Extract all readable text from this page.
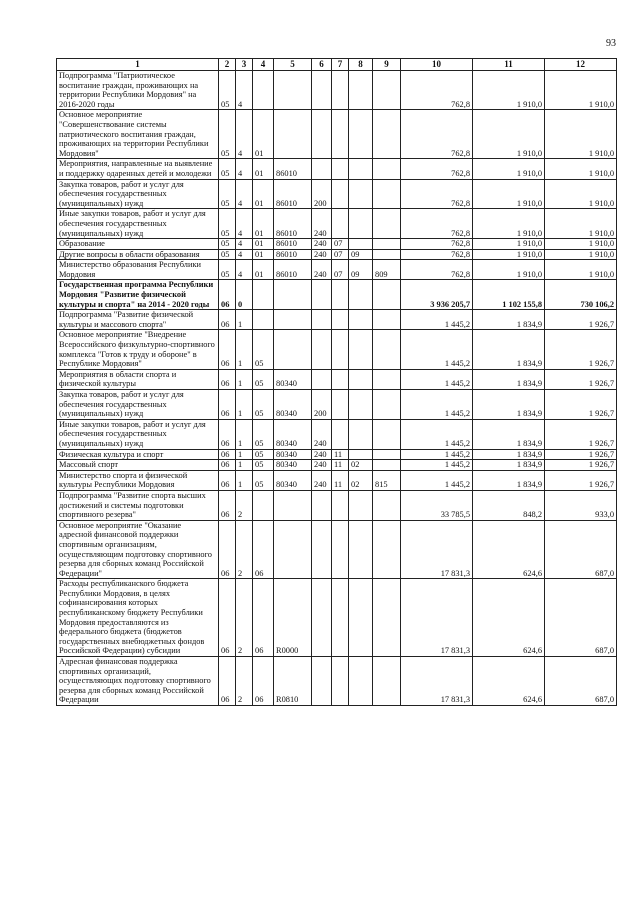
93
1	2	3	4	5	6	7	8	9	10	11	12
Подпрограмма "Патриотическое воспитание граждан, проживающих на территории Республики Мордовия" на 2016-2020 годы	05	4							762,8	1 910,0	1 910,0
Основное мероприятие "Совершенствование системы патриотического воспитания граждан, проживающих на территории Республики Мордовия"	05	4	01						762,8	1 910,0	1 910,0
Мероприятия, направленные на выявление и поддержку одаренных детей и молодежи	05	4	01	86010					762,8	1 910,0	1 910,0
Закупка товаров, работ и услуг для обеспечения государственных (муниципальных) нужд	05	4	01	86010	200				762,8	1 910,0	1 910,0
Иные закупки товаров, работ и услуг для обеспечения государственных (муниципальных) нужд	05	4	01	86010	240				762,8	1 910,0	1 910,0
Образование	05	4	01	86010	240	07			762,8	1 910,0	1 910,0
Другие вопросы в области образования	05	4	01	86010	240	07	09		762,8	1 910,0	1 910,0
Министерство образования Республики Мордовия	05	4	01	86010	240	07	09	809	762,8	1 910,0	1 910,0
Государственная программа Республики Мордовия "Развитие физической культуры и спорта" на 2014 - 2020 годы	06	0							3 936 205,7	1 102 155,8	730 106,2
Подпрограмма "Развитие физической культуры и массового спорта"	06	1							1 445,2	1 834,9	1 926,7
Основное мероприятие "Внедрение Всероссийского физкультурно-спортивного комплекса "Готов к труду и обороне" в Республике Мордовия"	06	1	05						1 445,2	1 834,9	1 926,7
Мероприятия в области спорта и физической культуры	06	1	05	80340					1 445,2	1 834,9	1 926,7
Закупка товаров, работ и услуг для обеспечения государственных (муниципальных) нужд	06	1	05	80340	200				1 445,2	1 834,9	1 926,7
Иные закупки товаров, работ и услуг для обеспечения государственных (муниципальных) нужд	06	1	05	80340	240				1 445,2	1 834,9	1 926,7
Физическая культура и спорт	06	1	05	80340	240	11			1 445,2	1 834,9	1 926,7
Массовый спорт	06	1	05	80340	240	11	02		1 445,2	1 834,9	1 926,7
Министерство спорта и физической культуры Республики Мордовия	06	1	05	80340	240	11	02	815	1 445,2	1 834,9	1 926,7
Подпрограмма "Развитие спорта высших достижений и системы подготовки спортивного резерва"	06	2							33 785,5	848,2	933,0
Основное мероприятие "Оказание адресной финансовой поддержки спортивным организациям, осуществляющим подготовку спортивного резерва для сборных команд Российской Федерации"	06	2	06						17 831,3	624,6	687,0
Расходы республиканского бюджета Республики Мордовия, в целях софинансирования которых республиканскому бюджету Республики Мордовия предоставляются из федерального бюджета (бюджетов государственных внебюджетных фондов Российской Федерации) субсидии	06	2	06	R0000					17 831,3	624,6	687,0
Адресная финансовая поддержка спортивных организаций, осуществляющих подготовку спортивного резерва для сборных команд Российской Федерации	06	2	06	R0810					17 831,3	624,6	687,0
